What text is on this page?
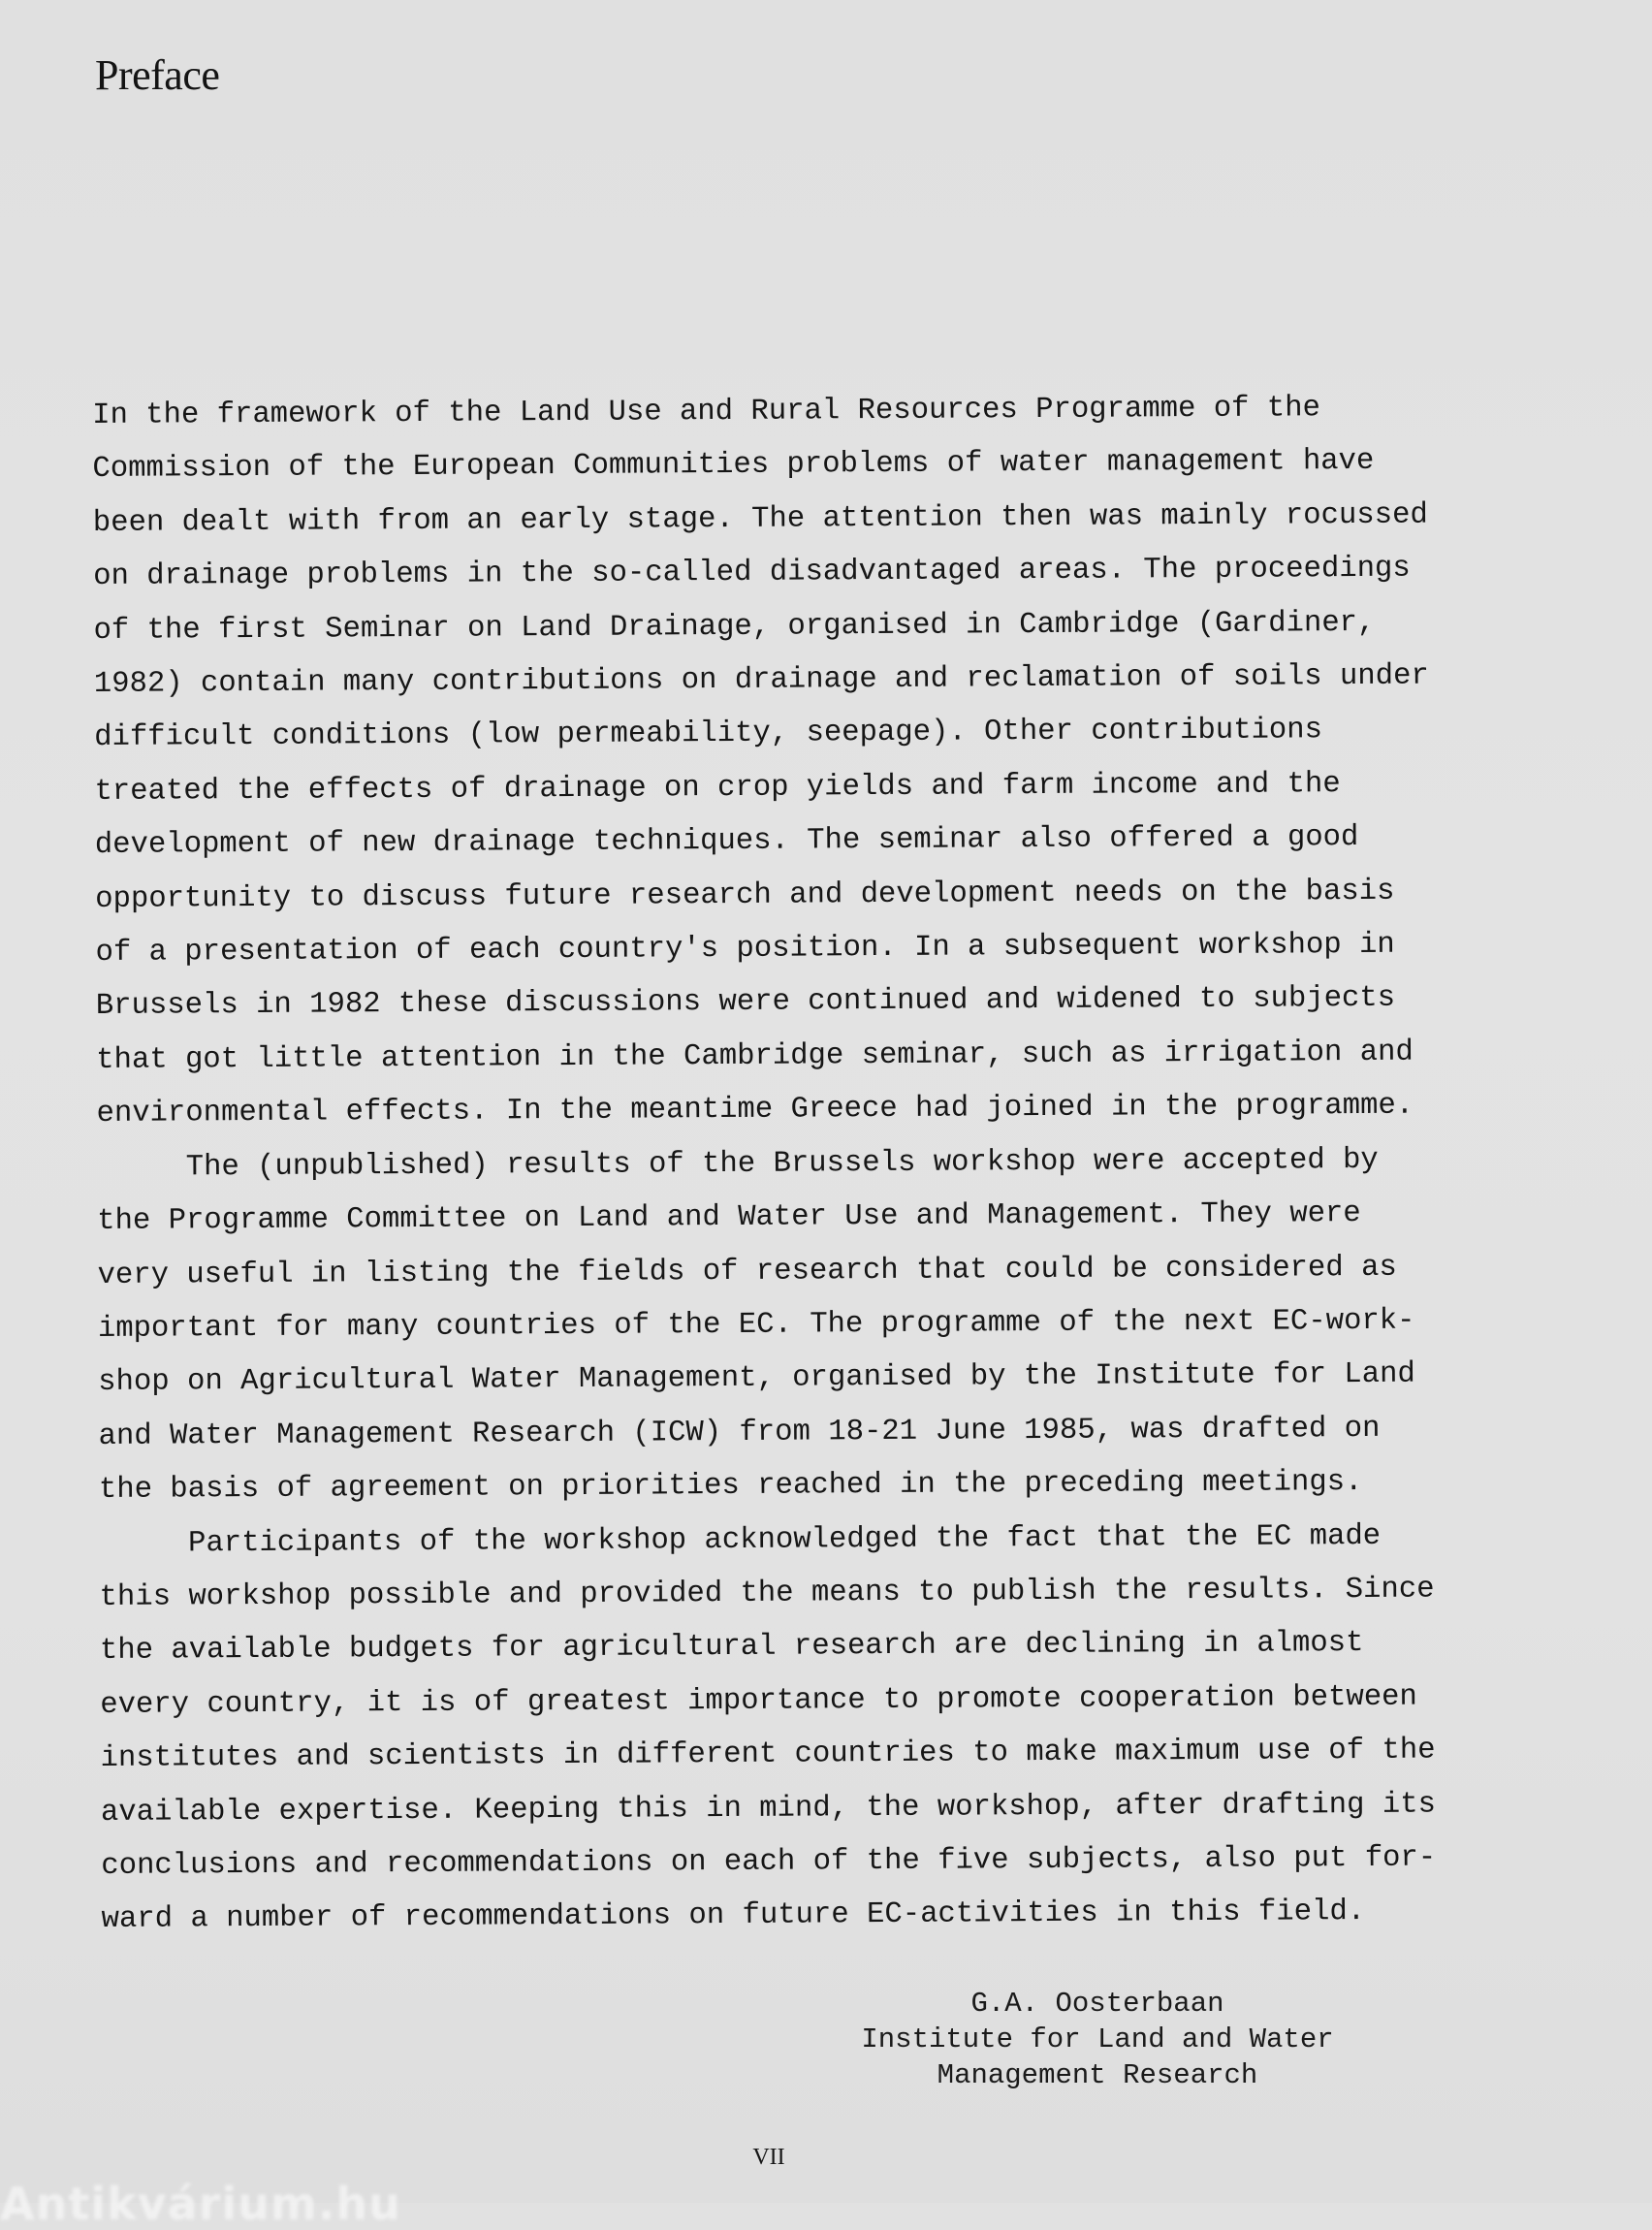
Preface

In the framework of the Land Use and Rural Resources Programme of the
Commission of the European Communities problems of water management have
been dealt with from an early stage. The attention then was mainly rocussed
on drainage problems in the so-called disadvantaged areas. The proceedings
of the first Seminar on Land Drainage, organised in Cambridge (Gardiner,
1982) contain many contributions on drainage and reclamation of soils under
difficult conditions (low permeability, seepage). Other contributions
treated the effects of drainage on crop yields and farm income and the
development of new drainage techniques. The seminar also offered a good
opportunity to discuss future research and development needs on the basis
of a presentation of each country's position. In a subsequent workshop in
Brussels in 1982 these discussions were continued and widened to subjects
that got little attention in the Cambridge seminar, such as irrigation and
environmental effects. In the meantime Greece had joined in the programme.

The (unpublished) results of the Brussels workshop were accepted by
the Programme Committee on Land and Water Use and Management. They were
very useful in listing the fields of research that could be considered as
important for many countries of the EC. The programme of the next EC-work-
shop on Agricultural Water Management, organised by the Institute for Land
and Water Management Research (ICW) from 18-21 June 1985, was drafted on
the basis of agreement on priorities reached in the preceding meetings.

Participants of the workshop acknowledged the fact that the EC made
this workshop possible and provided the means to publish the results. Since
the available budgets for agricultural research are declining in almost
every country, it is of greatest importance to promote cooperation between
institutes and scientists in different countries to make maximum use of the
available expertise. Keeping this in mind, the workshop, after drafting its
conclusions and recommendations on each of the five subjects, also put for-
ward a number of recommendations on future EC-activities in this field.

G.A. Oosterbaan
Institute for Land and Water
Management Research
VII
Antikvárium.hu
